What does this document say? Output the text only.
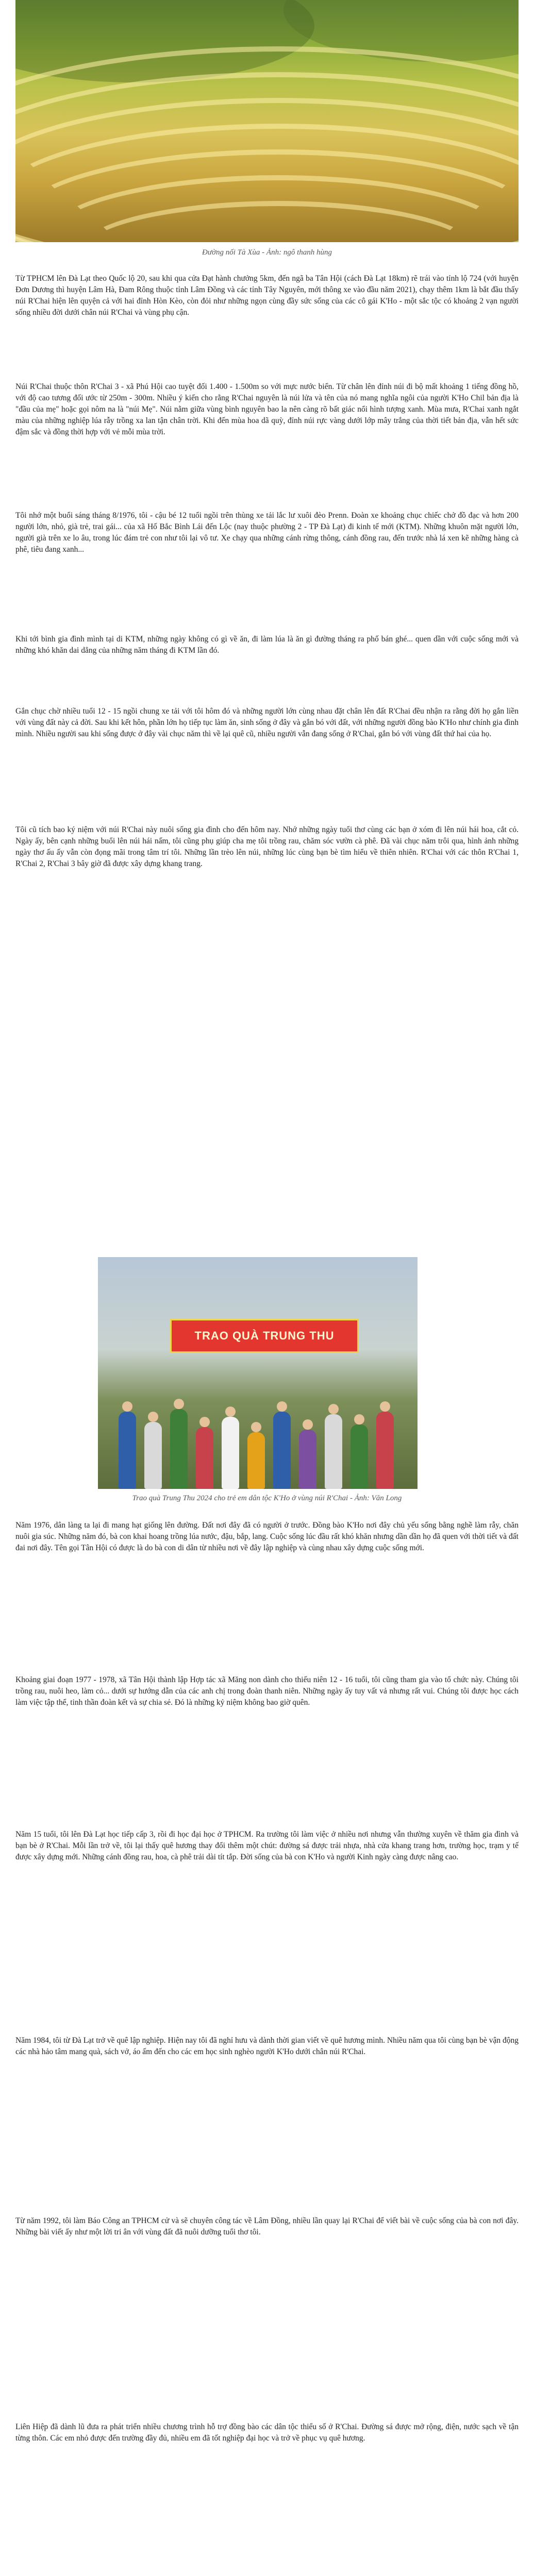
Đường nối Tà Xùa - Ảnh: ngô thanh hùng

Từ TPHCM lên Đà Lạt theo Quốc lộ 20, sau khi qua cửa Đạt hành chưởng 5km, đến ngã ba Tân Hội (cách Đà Lạt 18km) rẽ trái vào tỉnh lộ 724 (với huyện Đơn Dương thì huyện Lâm Hà, Đam Rông thuộc tỉnh Lâm Đồng và các tỉnh Tây Nguyên, mới thông xe vào đầu năm 2021), chạy thêm 1km là bắt đầu thấy núi R'Chai hiện lên quyện cả với hai đỉnh Hòn Kèo, còn đỏi như những ngọn cùng đầy sức sống của các cô gái K'Ho - một sắc tộc có khoảng 2 vạn người sống nhiều đời dưới chân núi R'Chai và vùng phụ cận.

Núi R'Chai thuộc thôn R'Chai 3 - xã Phú Hội cao tuyệt đối 1.400 - 1.500m so với mực nước biển. Từ chân lên đỉnh núi đi bộ mất khoảng 1 tiếng đồng hồ, với độ cao tương đối ước từ 250m - 300m. Nhiều ý kiến cho rằng R'Chai nguyên là núi lửa và tên của nó mang nghĩa ngôi của người K'Ho Chil bản địa là "đầu của mẹ" hoặc gọi nôm na là "núi Mẹ". Núi nằm giữa vùng bình nguyên bao la nên càng rõ bất giác nổi hình tượng xanh. Mùa mưa, R'Chai xanh ngắt màu của những nghiệp lúa rẫy trồng xa lan tận chân trời. Khi đến mùa hoa dã quỳ, đỉnh núi rực vàng dưới lớp mây trắng của thời tiết bản địa, vẫn hết sức đậm sắc và đồng thời hợp với vẻ mỗi mùa trời.

Tôi nhớ một buổi sáng tháng 8/1976, tôi - cậu bé 12 tuổi ngồi trên thùng xe tải lắc lư xuôi đèo Prenn. Đoàn xe khoảng chục chiếc chở đồ đạc và hơn 200 người lớn, nhỏ, già trẻ, trai gái... của xã Hố Bắc Bình Lái đến Lộc (nay thuộc phường 2 - TP Đà Lạt) đi kinh tế mới (KTM). Những khuôn mặt người lớn, người già trên xe lo âu, trong lúc đám trẻ con như tôi lại vô tư. Xe chạy qua những cánh rừng thông, cánh đồng rau, đến trước nhà lá xen kẽ những hàng cà phê, tiêu đang xanh...

Khi tới bình gia đình mình tại di KTM, những ngày không có gì về ăn, đi làm lúa là ăn gì đường tháng ra phố bán ghé... quen dần với cuộc sống mới và những khó khăn dai dẳng của những năm tháng đi KTM lần đó.

Gắn chục chờ nhiều tuổi 12 - 15 ngồi chung xe tải với tôi hôm đó và những người lớn cùng nhau đặt chân lên đất R'Chai đều nhận ra rằng đời họ gắn liền với vùng đất này cả đời. Sau khi kết hôn, phần lớn họ tiếp tục làm ăn, sinh sống ở đây và gắn bó với đất, với những người đồng bào K'Ho như chính gia đình mình. Nhiều người sau khi sống được ở đây vài chục năm thì về lại quê cũ, nhiều người vẫn đang sống ở R'Chai, gắn bó với vùng đất thứ hai của họ.

Tôi cũ tích bao ký niệm với núi R'Chai này nuôi sống gia đình cho đến hôm nay. Nhớ những ngày tuổi thơ cùng các bạn ở xóm đi lên núi hái hoa, cắt cỏ. Ngày ấy, bên cạnh những buổi lên núi hái nấm, tôi cũng phụ giúp cha mẹ tôi trồng rau, chăm sóc vườn cà phê. Đã vài chục năm trôi qua, hình ảnh những ngày thơ ấu ấy vẫn còn đọng mãi trong tâm trí tôi. Những lần trèo lên núi, những lúc cùng bạn bè tìm hiểu về thiên nhiên. R'Chai với các thôn R'Chai 1, R'Chai 2, R'Chai 3 bây giờ đã được xây dựng khang trang.

TRAO QUÀ TRUNG THU
Trao quà Trung Thu 2024 cho trẻ em dân tộc K'Ho ở vùng núi R'Chai - Ảnh: Văn Long

Năm 1976, dân làng ta lại đi mang hạt giống lên đường. Đất nơi đây đã có người ở trước. Đồng bào K'Ho nơi đây chủ yếu sống bằng nghề làm rẫy, chăn nuôi gia súc. Những năm đó, bà con khai hoang trồng lúa nước, đậu, bắp, lang. Cuộc sống lúc đầu rất khó khăn nhưng dần dần họ đã quen với thời tiết và đất đai nơi đây. Tên gọi Tân Hội có được là do bà con di dân từ nhiều nơi về đây lập nghiệp và cùng nhau xây dựng cuộc sống mới.

Khoảng giai đoạn 1977 - 1978, xã Tân Hội thành lập Hợp tác xã Măng non dành cho thiếu niên 12 - 16 tuổi, tôi cũng tham gia vào tổ chức này. Chúng tôi trồng rau, nuôi heo, làm cỏ... dưới sự hướng dẫn của các anh chị trong đoàn thanh niên. Những ngày ấy tuy vất vả nhưng rất vui. Chúng tôi được học cách làm việc tập thể, tinh thần đoàn kết và sự chia sẻ. Đó là những kỷ niệm không bao giờ quên.

Năm 15 tuổi, tôi lên Đà Lạt học tiếp cấp 3, rồi đi học đại học ở TPHCM. Ra trường tôi làm việc ở nhiều nơi nhưng vẫn thường xuyên về thăm gia đình và bạn bè ở R'Chai. Mỗi lần trở về, tôi lại thấy quê hương thay đổi thêm một chút: đường sá được trải nhựa, nhà cửa khang trang hơn, trường học, trạm y tế được xây dựng mới. Những cánh đồng rau, hoa, cà phê trải dài tít tắp. Đời sống của bà con K'Ho và người Kinh ngày càng được nâng cao.

Năm 1984, tôi từ Đà Lạt trở về quê lập nghiệp. Hiện nay tôi đã nghỉ hưu và dành thời gian viết về quê hương mình. Nhiều năm qua tôi cùng bạn bè vận động các nhà hảo tâm mang quà, sách vở, áo ấm đến cho các em học sinh nghèo người K'Ho dưới chân núi R'Chai.

Từ năm 1992, tôi làm Báo Công an TPHCM cử và sẽ chuyên công tác về Lâm Đồng, nhiều lần quay lại R'Chai để viết bài về cuộc sống của bà con nơi đây. Những bài viết ấy như một lời tri ân với vùng đất đã nuôi dưỡng tuổi thơ tôi.

Liên Hiệp đã dành lũ đưa ra phát triển nhiều chương trình hỗ trợ đồng bào các dân tộc thiểu số ở R'Chai. Đường sá được mở rộng, điện, nước sạch về tận từng thôn. Các em nhỏ được đến trường đầy đủ, nhiều em đã tốt nghiệp đại học và trở về phục vụ quê hương.
